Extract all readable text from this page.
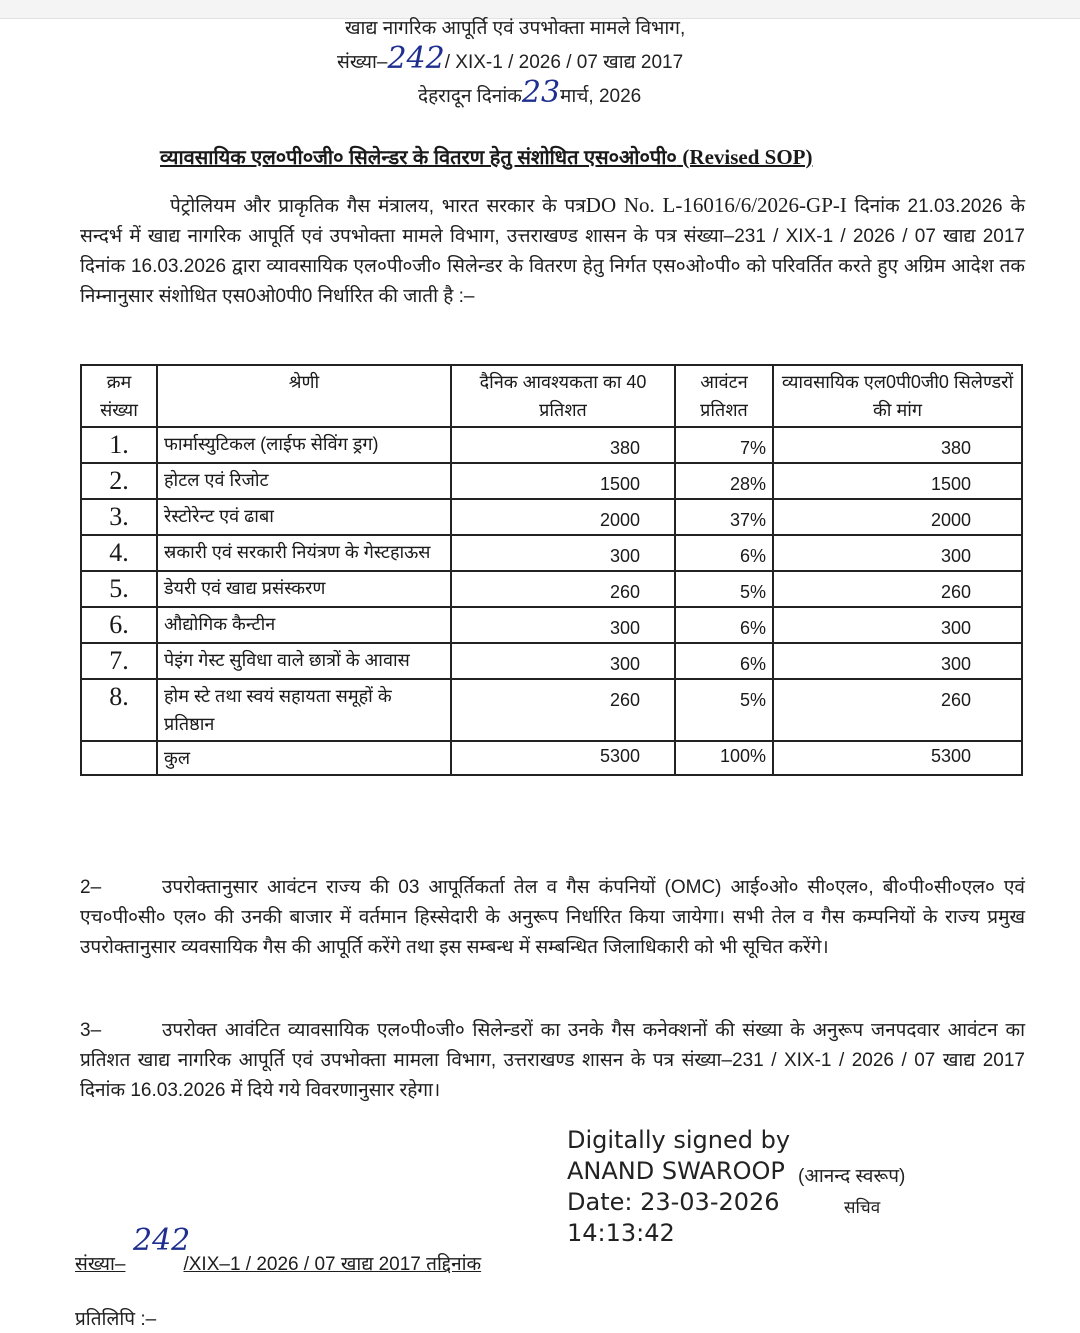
खाद्य नागरिक आपूर्ति एवं उपभोक्ता मामले विभाग,
संख्या–242/ XIX-1 / 2026 / 07 खाद्य 2017
देहरादून दिनांक23मार्च, 2026
व्यावसायिक एल०पी०जी० सिलेन्डर के वितरण हेतु संशोधित एस०ओ०पी० (Revised SOP)
पेट्रोलियम और प्राकृतिक गैस मंत्रालय, भारत सरकार के पत्रDO No. L-16016/6/2026-GP-I दिनांक 21.03.2026 के सन्दर्भ में खाद्य नागरिक आपूर्ति एवं उपभोक्ता मामले विभाग, उत्तराखण्ड शासन के पत्र संख्या–231 / XIX-1 / 2026 / 07 खाद्य 2017 दिनांक 16.03.2026 द्वारा व्यावसायिक एल०पी०जी० सिलेन्डर के वितरण हेतु निर्गत एस०ओ०पी० को परिवर्तित करते हुए अग्रिम आदेश तक निम्नानुसार संशोधित एस0ओ0पी0 निर्धारित की जाती है :–
क्रम संख्या	श्रेणी	दैनिक आवश्यकता का 40 प्रतिशत	आवंटन प्रतिशत	व्यावसायिक एल0पी0जी0 सिलेण्डरों की मांग
1.	फार्मास्युटिकल (लाईफ सेविंग ड्रग)	380	7%	380
2.	होटल एवं रिजोट	1500	28%	1500
3.	रेस्टोरेन्ट एवं ढाबा	2000	37%	2000
4.	स्रकारी एवं सरकारी नियंत्रण के गेस्टहाऊस	300	6%	300
5.	डेयरी एवं खाद्य प्रसंस्करण	260	5%	260
6.	औद्योगिक कैन्टीन	300	6%	300
7.	पेइंग गेस्ट सुविधा वाले छात्रों के आवास	300	6%	300
8.	होम स्टे तथा स्वयं सहायता समूहों के प्रतिष्ठान	260	5%	260
	कुल	5300	100%	5300
2–	उपरोक्तानुसार आवंटन राज्य की 03 आपूर्तिकर्ता तेल व गैस कंपनियों (OMC) आई०ओ० सी०एल०, बी०पी०सी०एल० एवं एच०पी०सी० एल० की उनकी बाजार में वर्तमान हिस्सेदारी के अनुरूप निर्धारित किया जायेगा। सभी तेल व गैस कम्पनियों के राज्य प्रमुख उपरोक्तानुसार व्यवसायिक गैस की आपूर्ति करेंगे तथा इस सम्बन्ध में सम्बन्धित जिलाधिकारी को भी सूचित करेंगे।
3–	उपरोक्त आवंटित व्यावसायिक एल०पी०जी० सिलेन्डरों का उनके गैस कनेक्शनों की संख्या के अनुरूप जनपदवार आवंटन का प्रतिशत खाद्य नागरिक आपूर्ति एवं उपभोक्ता मामला विभाग, उत्तराखण्ड शासन के पत्र संख्या–231 / XIX-1 / 2026 / 07 खाद्य 2017 दिनांक 16.03.2026 में दिये गये विवरणानुसार रहेगा।
Digitally signed by
ANAND SWAROOP
Date: 23-03-2026
14:13:42
(आनन्द स्वरूप)
सचिव
242
संख्या–	/XIX–1 / 2026 / 07 खाद्य 2017 तद्दिनांक
प्रतिलिपि :–
